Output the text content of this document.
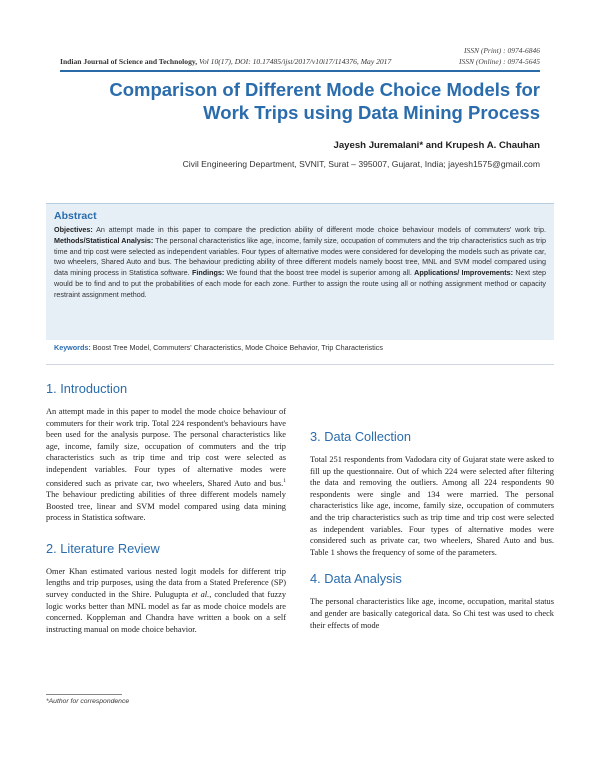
ISSN (Print) : 0974-6846
ISSN (Online) : 0974-5645
Indian Journal of Science and Technology, Vol 10(17), DOI: 10.17485/ijst/2017/v10i17/114376, May 2017
Comparison of Different Mode Choice Models for
Work Trips using Data Mining Process
Jayesh Juremalani* and Krupesh A. Chauhan
Civil Engineering Department, SVNIT, Surat – 395007, Gujarat, India; jayesh1575@gmail.com
Abstract
Objectives: An attempt made in this paper to compare the prediction ability of different mode choice behaviour models of commuters' work trip. Methods/Statistical Analysis: The personal characteristics like age, income, family size, occupation of commuters and the trip characteristics such as trip time and trip cost were selected as independent variables. Four types of alternative modes were considered for developing the models such as private car, two wheelers, Shared Auto and bus. The behaviour predicting ability of three different models namely boost tree, MNL and SVM model compared using data mining process in Statistica software. Findings: We found that the boost tree model is superior among all. Applications/ Improvements: Next step would be to find and to put the probabilities of each mode for each zone. Further to assign the route using all or nothing assignment method or capacity restraint assignment method.
Keywords: Boost Tree Model, Commuters' Characteristics, Mode Choice Behavior, Trip Characteristics
1. Introduction

An attempt made in this paper to model the mode choice behaviour of commuters for their work trip. Total 224 respondent's behaviours have been used for the analysis purpose. The personal characteristics like age, income, family size, occupation of commuters and the trip characteristics such as trip time and trip cost were selected as independent variables. Four types of alternative modes were considered such as private car, two wheelers, Shared Auto and bus.$^1$ The behaviour predicting abilities of three different models namely Boosted tree, linear and SVM model compared using data mining process in Statistica software.

2. Literature Review

Omer Khan estimated various nested logit models for different trip lengths and trip purposes, using the data from a Stated Preference (SP) survey conducted in the Shire. Pulugupta et al., concluded that fuzzy logic works better than MNL model as far as mode choice models are concerned. Koppleman and Chandra have written a book on a self instructing manual on mode choice behavior.

3. Data Collection

Total 251 respondents from Vadodara city of Gujarat state were asked to fill up the questionnaire. Out of which 224 were selected after filtering the data and removing the outliers. Among all 224 respondents 90 respondents were single and 134 were married. The personal characteristics like age, income, family size, occupation of commuters and the trip characteristics such as trip time and trip cost were selected as independent variables. Four types of alternative modes were considered such as private car, two wheelers, Shared Auto and bus. Table 1 shows the frequency of some of the parameters.

4. Data Analysis

The personal characteristics like age, income, occupation, marital status and gender are basically categorical data. So Chi test was used to check their effects of mode

*Author for correspondence
